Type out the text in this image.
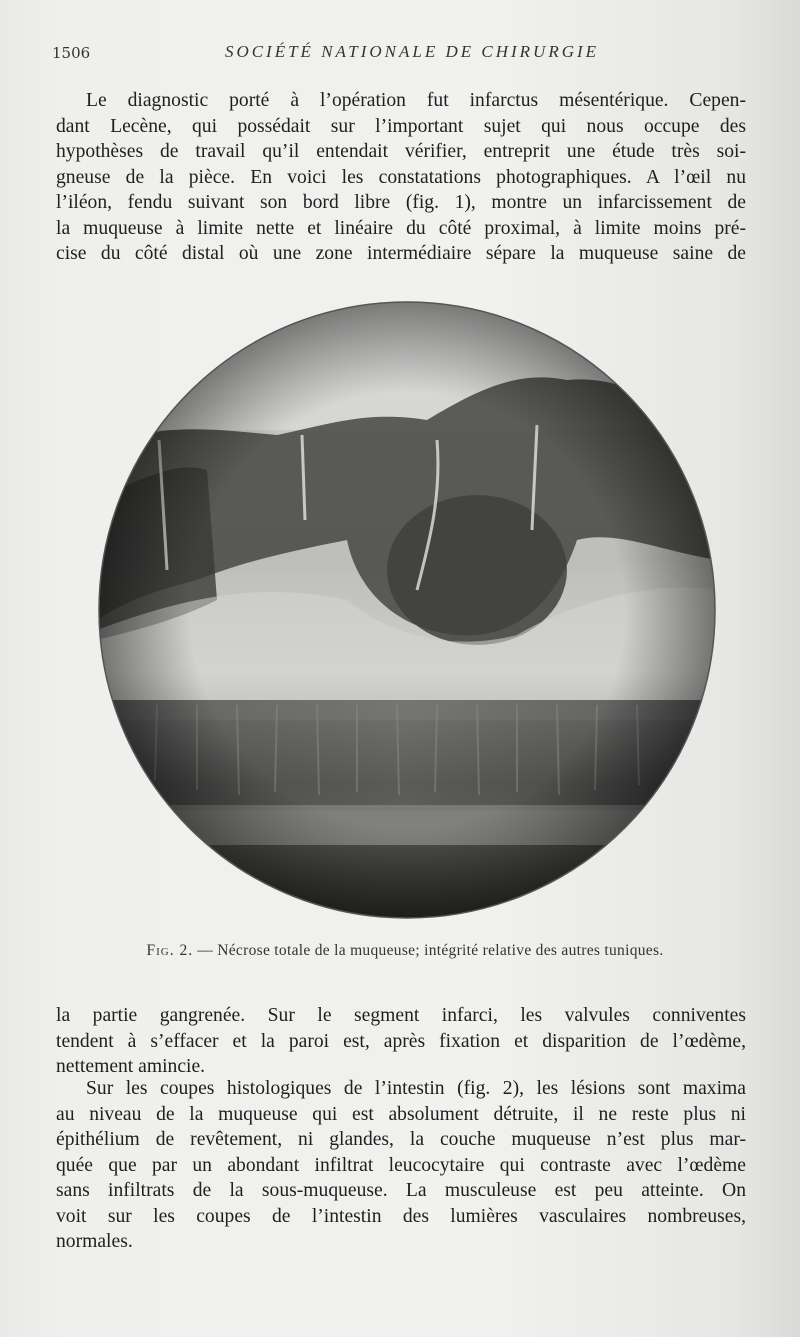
1506	SOCIÉTÉ NATIONALE DE CHIRURGIE
Le diagnostic porté à l’opération fut infarctus mésentérique. Cepen-
dant Lecène, qui possédait sur l’important sujet qui nous occupe des
hypothèses de travail qu’il entendait vérifier, entreprit une étude très soi-
gneuse de la pièce. En voici les constatations photographiques. A l’œil nu
l’iléon, fendu suivant son bord libre (fig. 1), montre un infarcissement de
la muqueuse à limite nette et linéaire du côté proximal, à limite moins pré-
cise du côté distal où une zone intermédiaire sépare la muqueuse saine de
Fig. 2. — Nécrose totale de la muqueuse; intégrité relative des autres tuniques.
la partie gangrenée. Sur le segment infarci, les valvules conniventes
tendent à s’effacer et la paroi est, après fixation et disparition de l’œdème,
nettement amincie.
Sur les coupes histologiques de l’intestin (fig. 2), les lésions sont maxima
au niveau de la muqueuse qui est absolument détruite, il ne reste plus ni
épithélium de revêtement, ni glandes, la couche muqueuse n’est plus mar-
quée que par un abondant infiltrat leucocytaire qui contraste avec l’œdème
sans infiltrats de la sous-muqueuse. La musculeuse est peu atteinte. On
voit sur les coupes de l’intestin des lumières vasculaires nombreuses,
normales.
